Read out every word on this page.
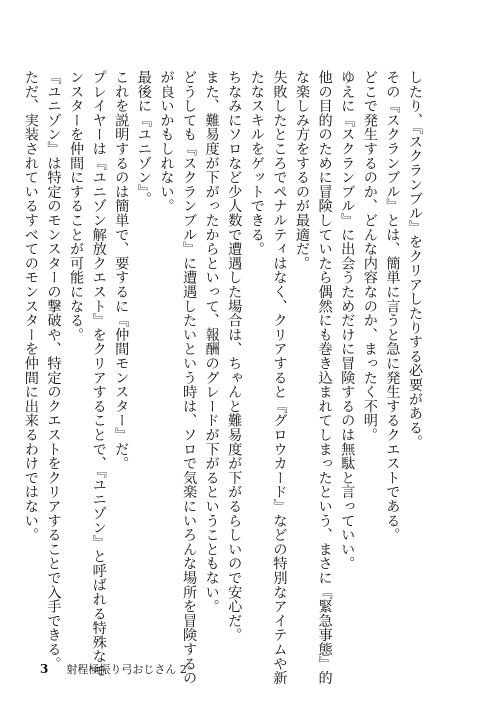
したり、『スクランブル』をクリアしたりする必要がある。

その『スクランブル』とは、簡単に言うと急に発生するクエストである。

どこで発生するのか、どんな内容なのか、まったく不明。

ゆえに『スクランブル』に出会うためだけに冒険するのは無駄と言っていい。

他の目的のために冒険していたら偶然にも巻き込まれてしまったという、まさに『緊急事態』的

な楽しみ方をするのが最適だ。

失敗したところでペナルティはなく、クリアすると『グロウカード』などの特別なアイテムや新

たなスキルをゲットできる。

ちなみにソロなど少人数で遭遇した場合は、ちゃんと難易度が下がるらしいので安心だ。

また、難易度が下がったからといって、報酬のグレードが下がるということもない。

どうしても『スクランブル』に遭遇したいという時は、ソロで気楽にいろんな場所を冒険するの

が良いかもしれない。

最後に『ユニゾン』。

これを説明するのは簡単で、要するに『仲間モンスター』だ。

プレイヤーは『ユニゾン解放クエスト』をクリアすることで、『ユニゾン』と呼ばれる特殊なモ

ンスターを仲間にすることが可能になる。

『ユニゾン』は特定のモンスターの撃破や、特定のクエストをクリアすることで入手できる。

ただ、実装されているすべてのモンスターを仲間に出来るわけではない。

3 射程極振り弓おじさん 2
